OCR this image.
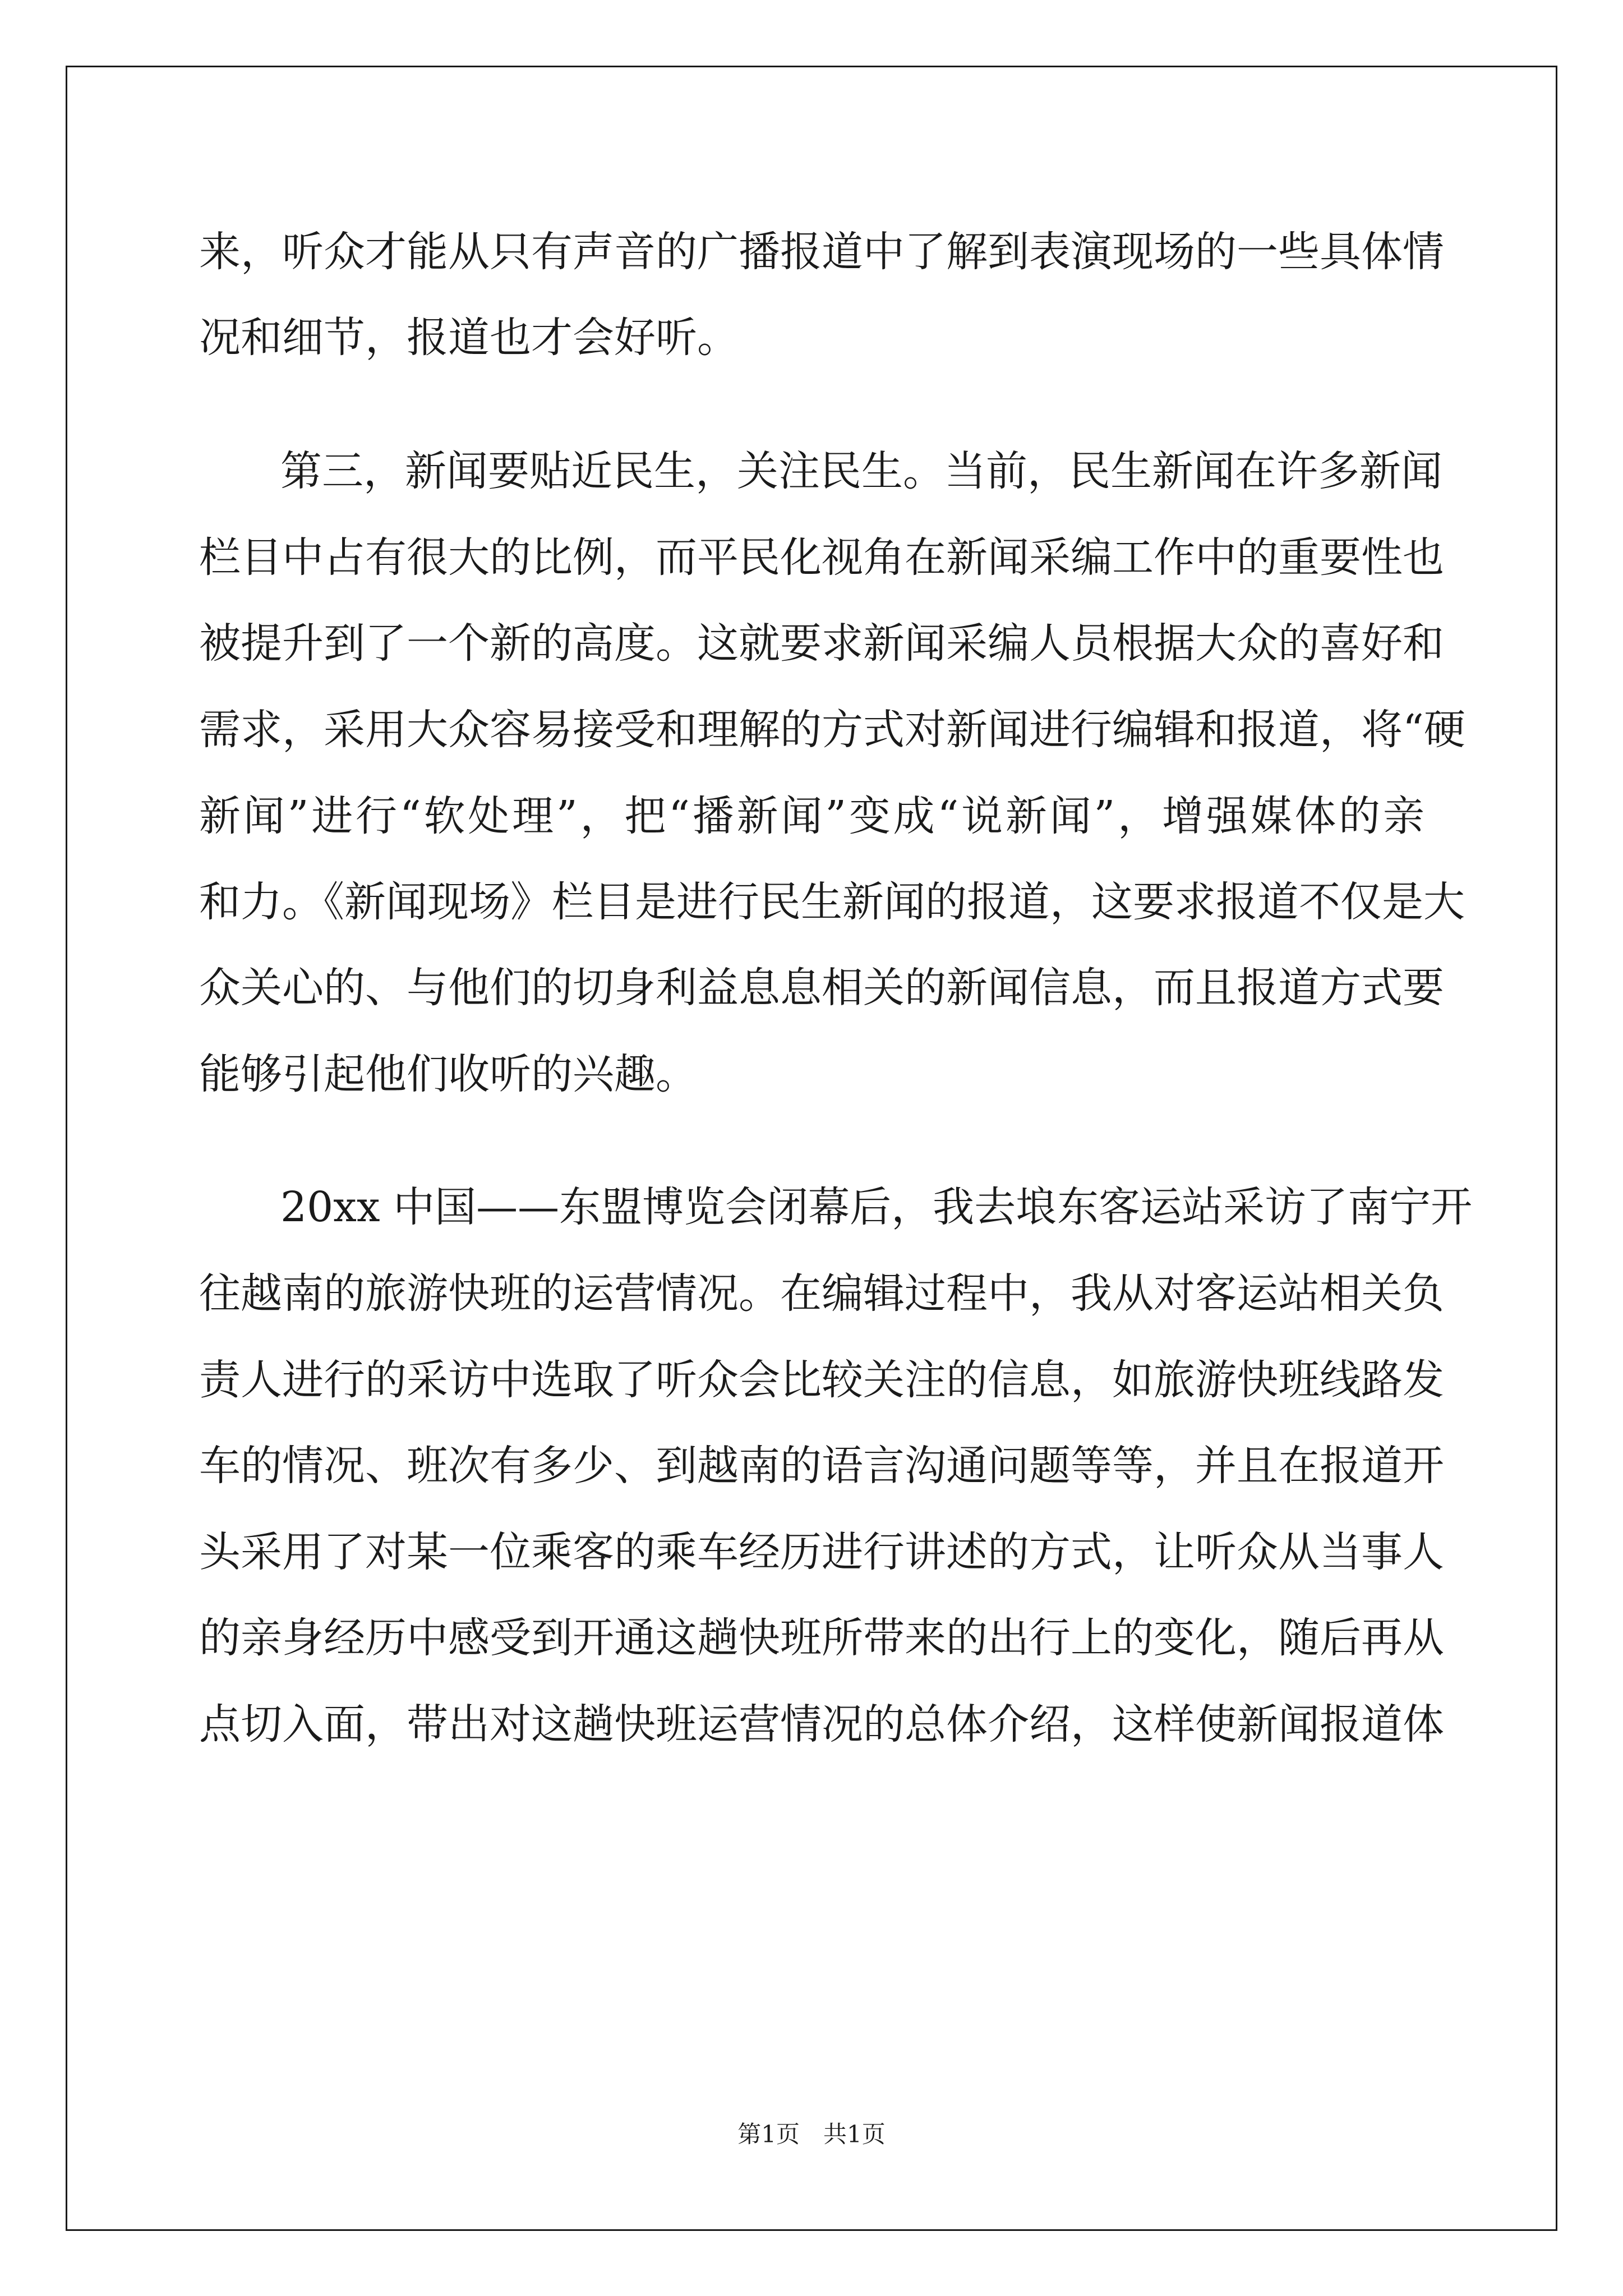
来，听众才能从只有声音的广播报道中了解到表演现场的一些具体情
况和细节，报道也才会好听。
第三，新闻要贴近民生，关注民生。当前，民生新闻在许多新闻
栏目中占有很大的比例，而平民化视角在新闻采编工作中的重要性也
被提升到了一个新的高度。这就要求新闻采编人员根据大众的喜好和
需求，采用大众容易接受和理解的方式对新闻进行编辑和报道，将“硬
新闻”进行“软处理”，把“播新闻”变成“说新闻”，增强媒体的亲
和力。《新闻现场》栏目是进行民生新闻的报道，这要求报道不仅是大
众关心的、与他们的切身利益息息相关的新闻信息，而且报道方式要
能够引起他们收听的兴趣。
20xx 中国——东盟博览会闭幕后，我去埌东客运站采访了南宁开
往越南的旅游快班的运营情况。在编辑过程中，我从对客运站相关负
责人进行的采访中选取了听众会比较关注的信息，如旅游快班线路发
车的情况、班次有多少、到越南的语言沟通问题等等，并且在报道开
头采用了对某一位乘客的乘车经历进行讲述的方式，让听众从当事人
的亲身经历中感受到开通这趟快班所带来的出行上的变化，随后再从
点切入面，带出对这趟快班运营情况的总体介绍，这样使新闻报道体
第1页　共1页
